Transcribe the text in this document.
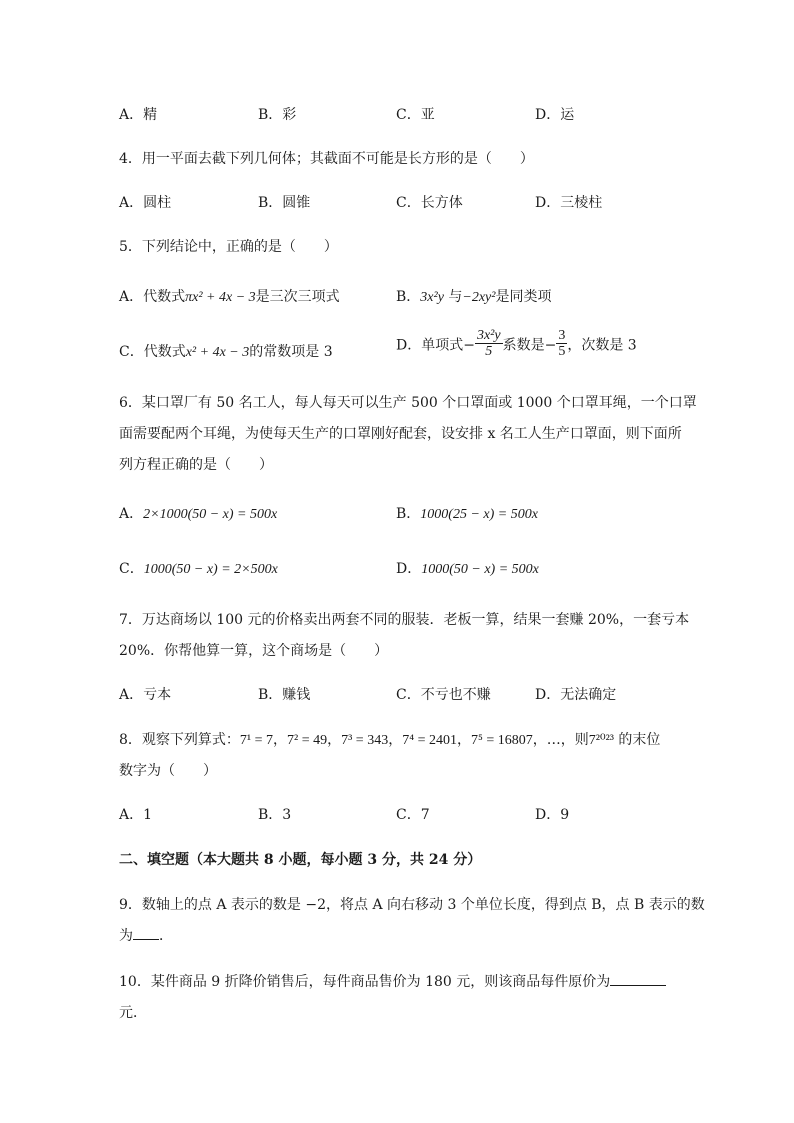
A．精	B．彩	C．亚	D．运
4．用一平面去截下列几何体；其截面不可能是长方形的是（　　）
A．圆柱	B．圆锥	C．长方体	D．三棱柱
5．下列结论中，正确的是（　　）
A．代数式πx² + 4x − 3是三次三项式	B．3x²y 与−2xy²是同类项
C．代数式x² + 4x − 3的常数项是 3	D．单项式− $\frac{\text{3x²y}}{5}$ 系数是− $\frac{3}{5}$ ，次数是 3
6．某口罩厂有 50 名工人，每人每天可以生产 500 个口罩面或 1000 个口罩耳绳，一个口罩
面需要配两个耳绳，为使每天生产的口罩刚好配套，设安排 x 名工人生产口罩面，则下面所
列方程正确的是（　　）
A．2×1000(50 − x) = 500x	B．1000(25 − x) = 500x
C．1000(50 − x) = 2×500x	D．1000(50 − x) = 500x
7．万达商场以 100 元的价格卖出两套不同的服装．老板一算，结果一套赚 20%，一套亏本
20%．你帮他算一算，这个商场是（　　）
A．亏本	B．赚钱	C．不亏也不赚	D．无法确定
8．观察下列算式：7¹ = 7，7² = 49，7³ = 343，7⁴ = 2401，7⁵ = 16807，…，则7²⁰²³ 的末位
数字为（　　）
A．1	B．3	C．7	D．9
二、填空题（本大题共 8 小题，每小题 3 分，共 24 分）
9．数轴上的点 A 表示的数是 −2，将点 A 向右移动 3 个单位长度，得到点 B，点 B 表示的数
为 ．
10．某件商品 9 折降价销售后，每件商品售价为 180 元，则该商品每件原价为
元．
